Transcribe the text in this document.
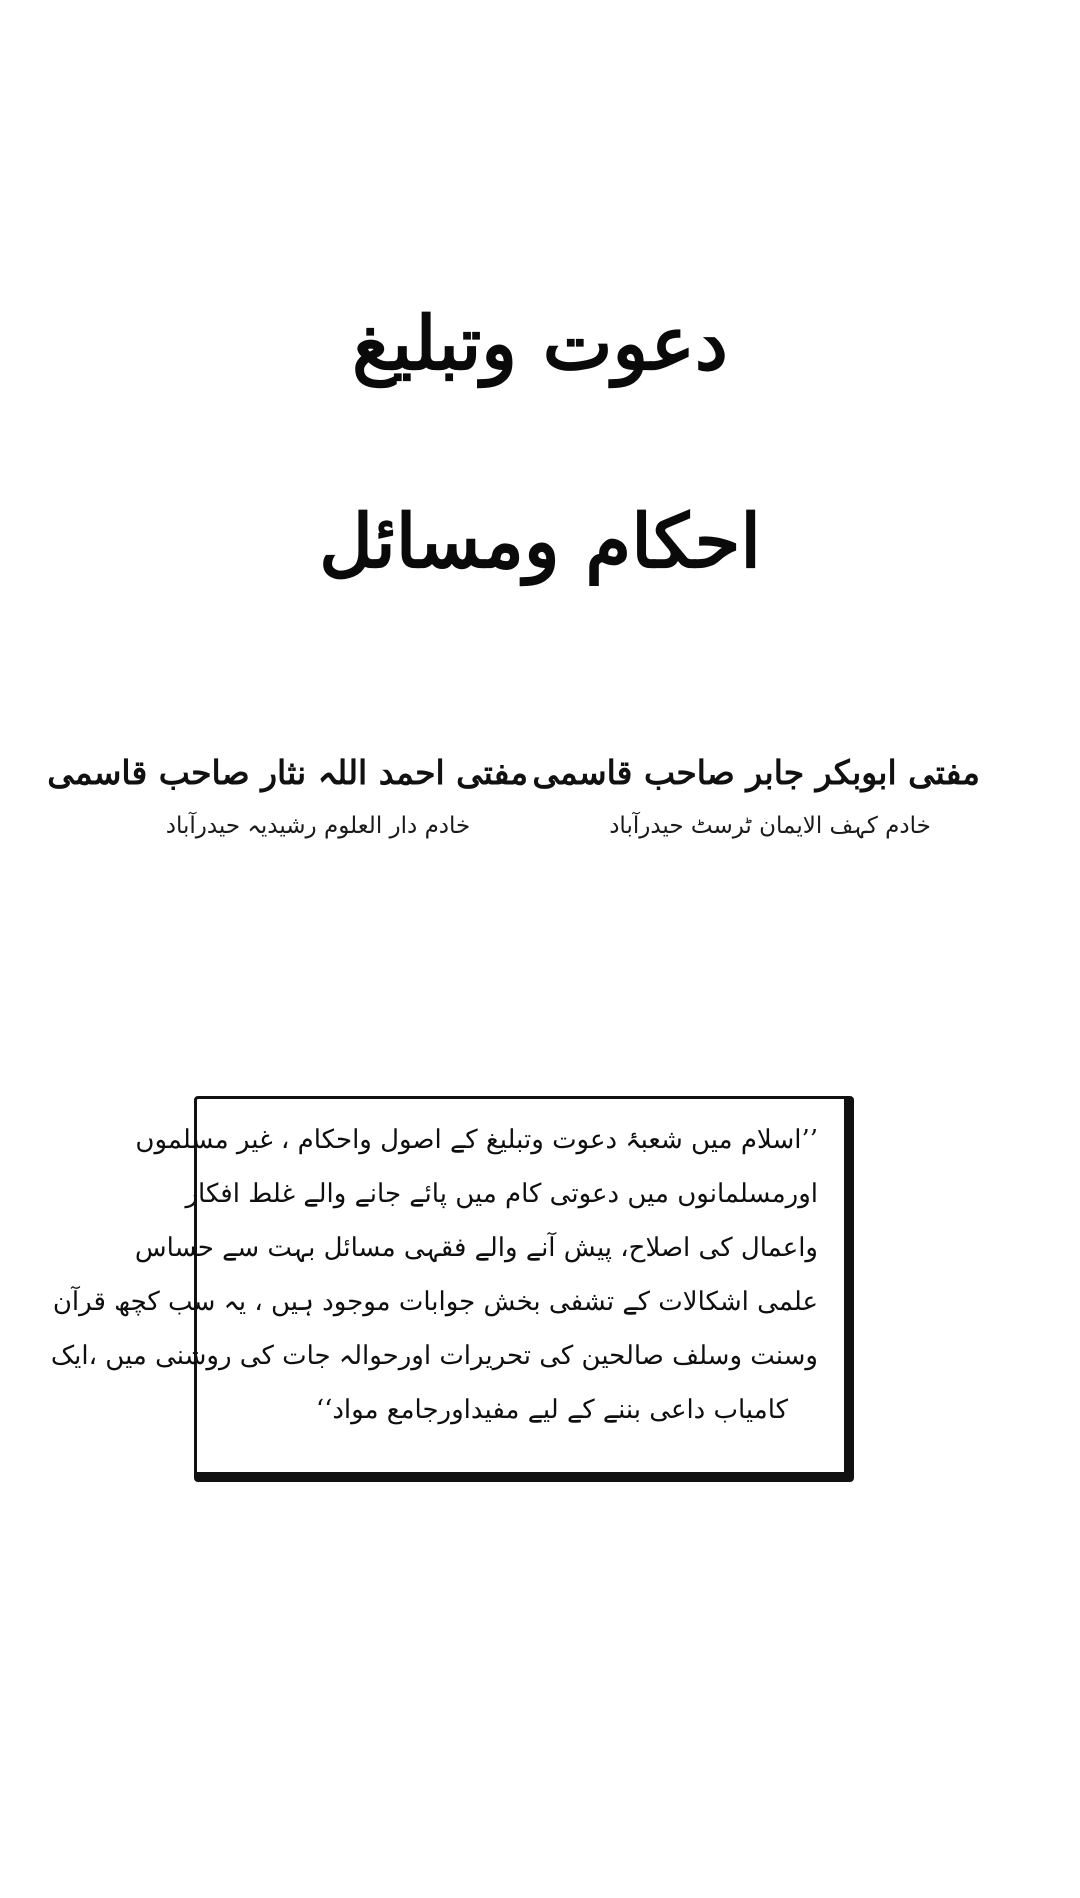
دعوت وتبلیغ
احکام ومسائل
مفتی ابوبکر جابر صاحب قاسمی
خادم کہف الایمان ٹرسٹ حیدرآباد
مفتی احمد اللہ نثار صاحب قاسمی
خادم دار العلوم رشیدیہ حیدرآباد
’’اسلام میں شعبۂ دعوت وتبلیغ کے اصول واحکام ، غیر مسلموں
اورمسلمانوں میں دعوتی کام میں پائے جانے والے غلط افکار
واعمال کی اصلاح، پیش آنے والے فقہی مسائل بہت سے حساس
علمی اشکالات کے تشفی بخش جوابات موجود ہیں ، یہ سب کچھ قرآن
وسنت وسلف صالحین کی تحریرات اورحوالہ جات کی روشنی میں ،ایک
کامیاب داعی بننے کے لیے مفیداورجامع مواد‘‘
